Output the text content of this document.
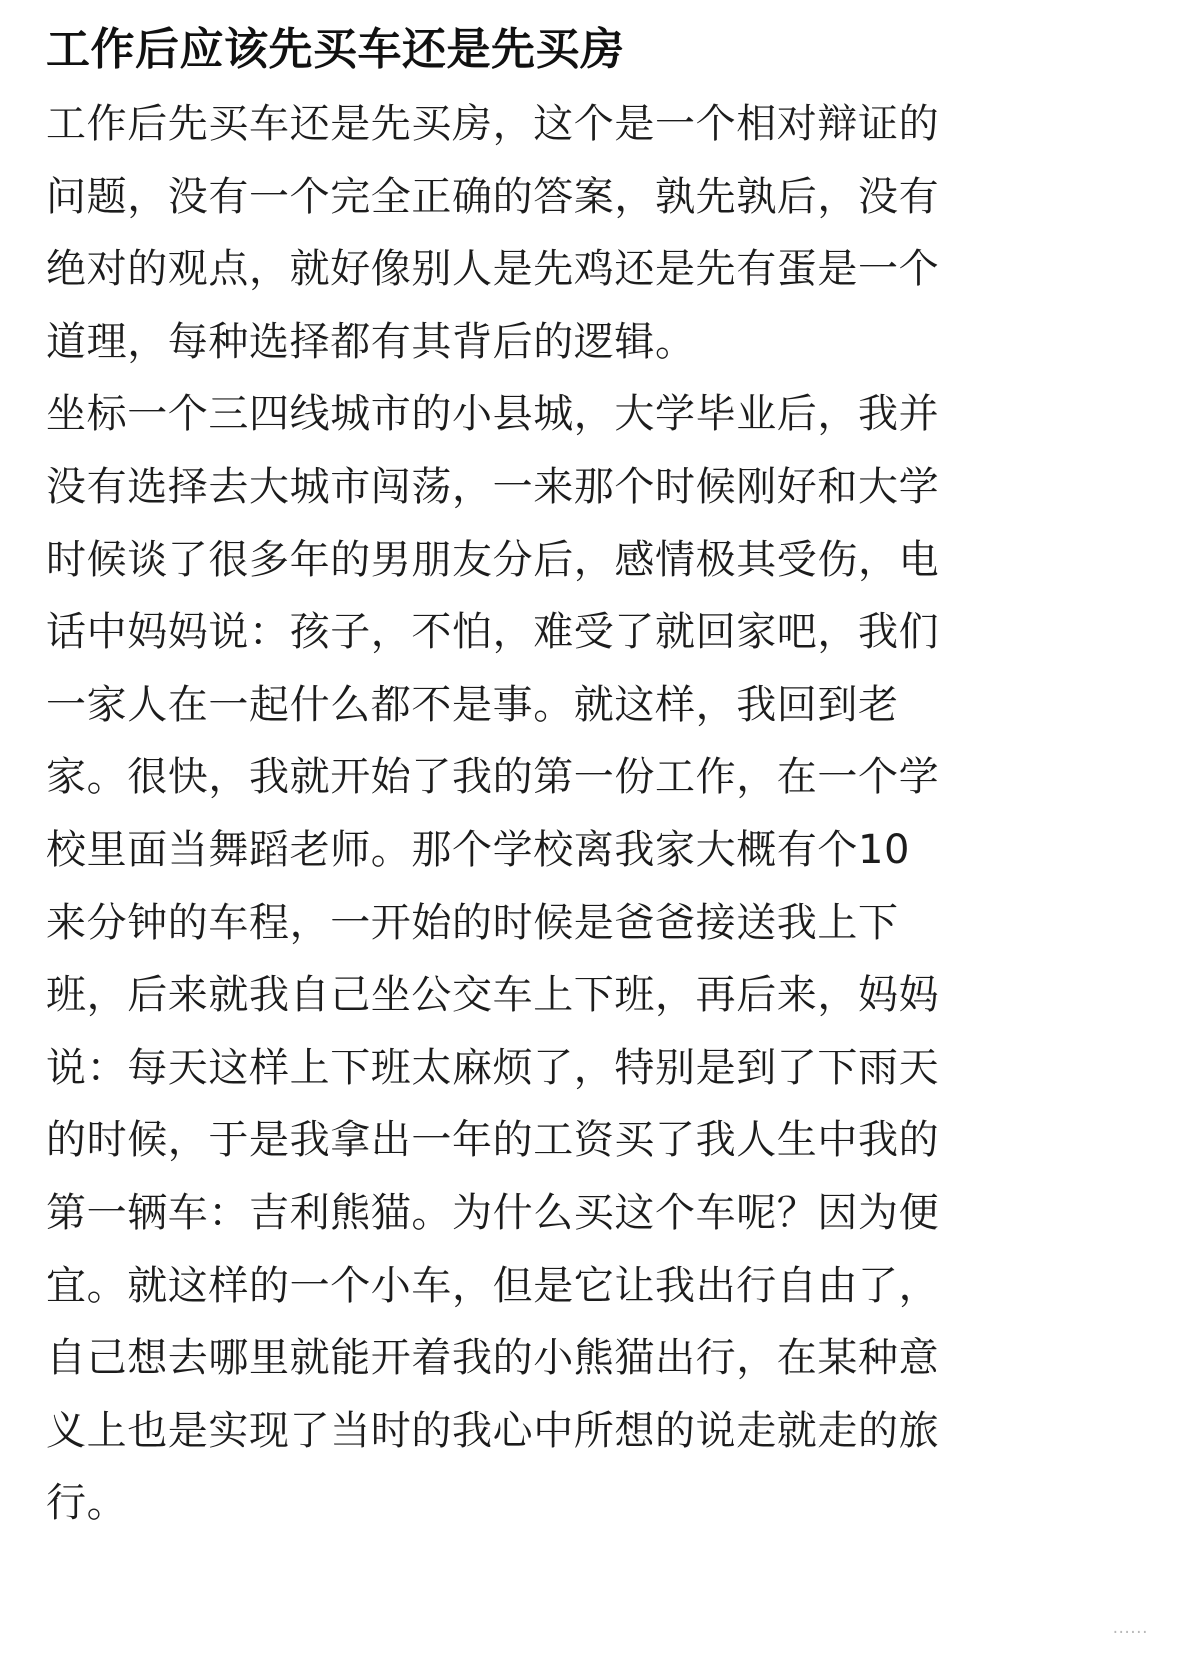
工作后应该先买车还是先买房

工作后先买车还是先买房，这个是一个相对辩证的
问题，没有一个完全正确的答案，孰先孰后，没有
绝对的观点，就好像别人是先鸡还是先有蛋是一个
道理，每种选择都有其背后的逻辑。

坐标一个三四线城市的小县城，大学毕业后，我并
没有选择去大城市闯荡，一来那个时候刚好和大学
时候谈了很多年的男朋友分后，感情极其受伤，电
话中妈妈说：孩子，不怕，难受了就回家吧，我们
一家人在一起什么都不是事。就这样，我回到老
家。很快，我就开始了我的第一份工作，在一个学
校里面当舞蹈老师。那个学校离我家大概有个10
来分钟的车程，一开始的时候是爸爸接送我上下
班，后来就我自己坐公交车上下班，再后来，妈妈
说：每天这样上下班太麻烦了，特别是到了下雨天
的时候，于是我拿出一年的工资买了我人生中我的
第一辆车：吉利熊猫。为什么买这个车呢？因为便
宜。就这样的一个小车，但是它让我出行自由了，
自己想去哪里就能开着我的小熊猫出行，在某种意
义上也是实现了当时的我心中所想的说走就走的旅
行。

······
